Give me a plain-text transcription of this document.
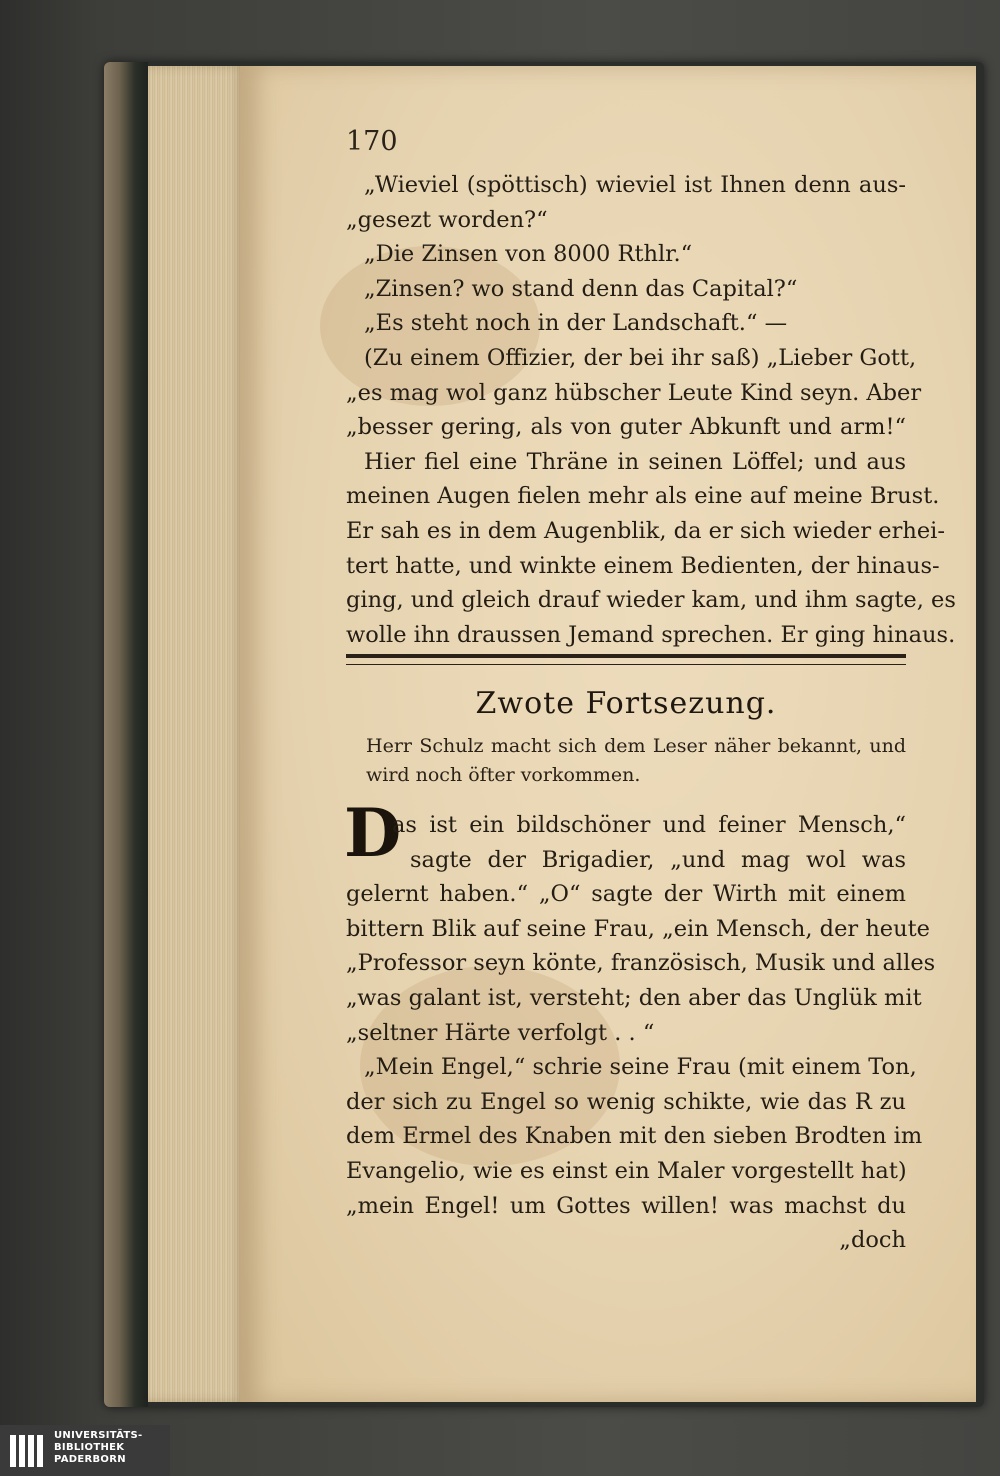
170
„Wieviel (spöttisch) wieviel ist Ihnen denn aus-
„gesezt worden?“
„Die Zinsen von 8000 Rthlr.“
„Zinsen? wo stand denn das Capital?“
„Es steht noch in der Landschaft.“ —
(Zu einem Offizier, der bei ihr saß) „Lieber Gott,
„es mag wol ganz hübscher Leute Kind seyn. Aber
„besser gering, als von guter Abkunft und arm!“
Hier fiel eine Thräne in seinen Löffel; und aus
meinen Augen fielen mehr als eine auf meine Brust.
Er sah es in dem Augenblik, da er sich wieder erhei-
tert hatte, und winkte einem Bedienten, der hinaus-
ging, und gleich drauf wieder kam, und ihm sagte, es
wolle ihn draussen Jemand sprechen. Er ging hinaus.
Zwote Fortsezung.
Herr Schulz macht sich dem Leser näher bekannt, und
wird noch öfter vorkommen.
D
as ist ein bildschöner und feiner Mensch,“
sagte der Brigadier, „und mag wol was
gelernt haben.“ „O“ sagte der Wirth mit einem
bittern Blik auf seine Frau, „ein Mensch, der heute
„Professor seyn könte, französisch, Musik und alles
„was galant ist, versteht; den aber das Unglük mit
„seltner Härte verfolgt . . “
„Mein Engel,“ schrie seine Frau (mit einem Ton,
der sich zu Engel so wenig schikte, wie das R zu
dem Ermel des Knaben mit den sieben Brodten im
Evangelio, wie es einst ein Maler vorgestellt hat)
„mein Engel! um Gottes willen! was machst du
„doch
UNIVERSITÄTS-
BIBLIOTHEK
PADERBORN
